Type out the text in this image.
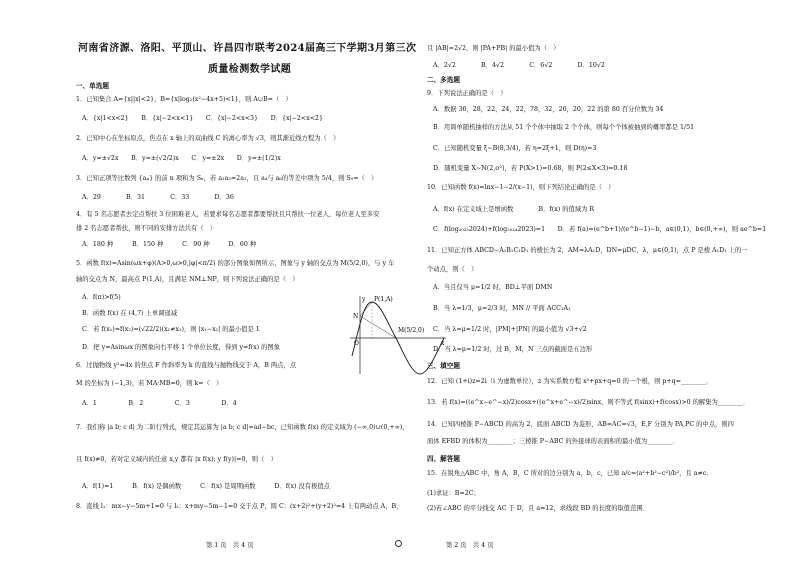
河南省济源、洛阳、平顶山、许昌四市联考2024届高三下学期3月第三次
质量检测数学试题
一、单选题
1．已知集合 A={x||x|<2}，B={x|log₂(x²−4x+5)<1}，则 A∪B=（　）
A．{x|1<x<2}　　B．{x|−2<x<1}　　C．{x|−2<x<3}　　D．{x|−2<x<2}
2．已知中心在坐标原点，焦点在 x 轴上的双曲线 C 的离心率为 √3，则其渐近线方程为（　）
A．y=±√2x　　B．y=±(√2/2)x　　C．y=±2x　　D．y=±(1/2)x
3．已知正项等比数列 {aₙ} 的前 n 项和为 Sₙ，若 a₁a₃=2a₁，且 a₄与 a₆的等差中项为 5/4，则 S₅=（　）
A．29　　　　B．31　　　　C．33　　　　D．36
4．有 5 名志愿者去定点帮扶 3 位困难老人，若要求每名志愿者都要帮扶且只帮扶一位老人，每位老人至多安
排 2 名志愿者帮扶，则不同的安排方法共有（　）
A．180 种　　　B．150 种　　　C．90 种　　　D．60 种
5．函数 f(x)=Asin(ωx+φ)(A>0,ω>0,|φ|<π/2) 的部分图象如图所示，图象与 y 轴的交点为 M(5/2,0)，与 y 车
轴的交点为 N，最高点 P(1,A)，且满足 NM⊥NP，则下列说法正确的是（　）
A．f(π)>f(5)
B．函数 f(x) 在 (4,7) 上单调递减
C．若 f(x₁)=f(x₂)=(√22/2)(x₁≠x₂)，则 |x₁−x₂| 的最小值是 1
D．把 y=Asinωx 的图象向右平移 1 个单位长度，得到 y=f(x) 的图象
6．过抛物线 y²=4x 的焦点 F 作斜率为 k 的直线与抛物线交于 A，B 两点，点
M 的坐标为 (−1,3)，若 MA·MB=0，则 k=（　）
A．1　　　　　B．2　　　　　C．3　　　　　D．4
7．我们称 |a b; c d| 为二阶行列式，规定其运算为 |a b; c d|=ad−bc，已知函数 f(x) 的定义域为 (−∞,0)∪(0,+∞)，
且 f(x)≠0，若对定义域内的任意 x,y 都有 |x f(x); y f(y)|=0，则（　）
A．f(1)=1　　　B．f(x) 是偶函数　　　C．f(x) 是周期函数　　　D．f(x) 没有极值点
8．直线 l₁：mx−y−5m+1=0 与 l₂：x+my−5m−1=0 交于点 P，圆 C：(x+2)²+(y+2)²=4 上有两动点 A，B，
P(1,A)
M(5/2,0)
N
O	x
y
第 1 页　共 4 页	第 2 页　共 4 页
且 |AB|=2√2，则 |PA+PB| 的最小值为（　）
A．2√2　　　　B．4√2　　　　C．6√2　　　　D．10√2
二、多选题
9．下列说法正确的是（　）
A．数据 36，28，22，24，22，78，32，26，20，22 的第 80 百分位数为 34
B．用简单随机抽样的方法从 51 个个体中抽取 2 个个体，则每个个体被抽到的概率都是 1/51
C．已知随机变量 ξ~B(8,3/4)，若 η=2ξ+1，则 D(η)=3
D．随机变量 X~N(2,σ²)，若 P(X>1)=0.68，则 P(2≤X<3)=0.18
10．已知函数 f(x)=lnx−1−2/(x−1)，则下列结论正确的是（　）
A．f(x) 在定义域上是增函数　　　　B．f(x) 的值域为 R
C．f(log₂₀₂₃2024)+f(log₂₀₂₄2023)=1　　D．若 f(a)=(e^b+1)/(e^b−1)−b，a∈(0,1)，b∈(0,+∞)，则 ae^b=1
11．已知正方体 ABCD−A₁B₁C₁D₁ 的棱长为 2，AM=λA₁D，DN=μDC，λ，μ∈(0,1)，点 P 是棱 A₁D₁ 上的一
个动点，则（　）
A．当且仅当 μ=1/2 时，BD⊥平面 DMN
B．当 λ=1/3，μ=2/3 时，MN // 平面 ACC₁A₁
C．当 λ=μ=1/2 时，|PM|+|PN| 的最小值为 √3+√2
D．当 λ=μ=1/2 时，过 B，M，N 三点的截面是五边形
三、填空题
12．已知 (1+i)z=2i（i 为虚数单位），z 为实系数方程 x²+px+q=0 的一个根，则 p+q=________．
13．若 f(x)=((e^x−e^−x)/2)cosx+((e^x+e^−x)/2)sinx，则不等式 f(sinx)+f(cosx)>0 的解集为________．
14．已知四棱锥 P−ABCD 的高为 2，底面 ABCD 为菱形，AB=AC=√3，E,F 分别为 PA,PC 的中点，则四
面体 EFBD 的体积为________；三棱锥 P−ABC 的外接球的表面积的最小值为________．
四、解答题
15．在锐角△ABC 中，角 A，B，C 所对的边分别为 a，b，c，已知 a/c=(a²+b²−c²)/b²，且 a≠c．
(1)求证：B=2C；
(2)若∠ABC 的平分线交 AC 于 D，且 a=12，求线段 BD 的长度的取值范围．
